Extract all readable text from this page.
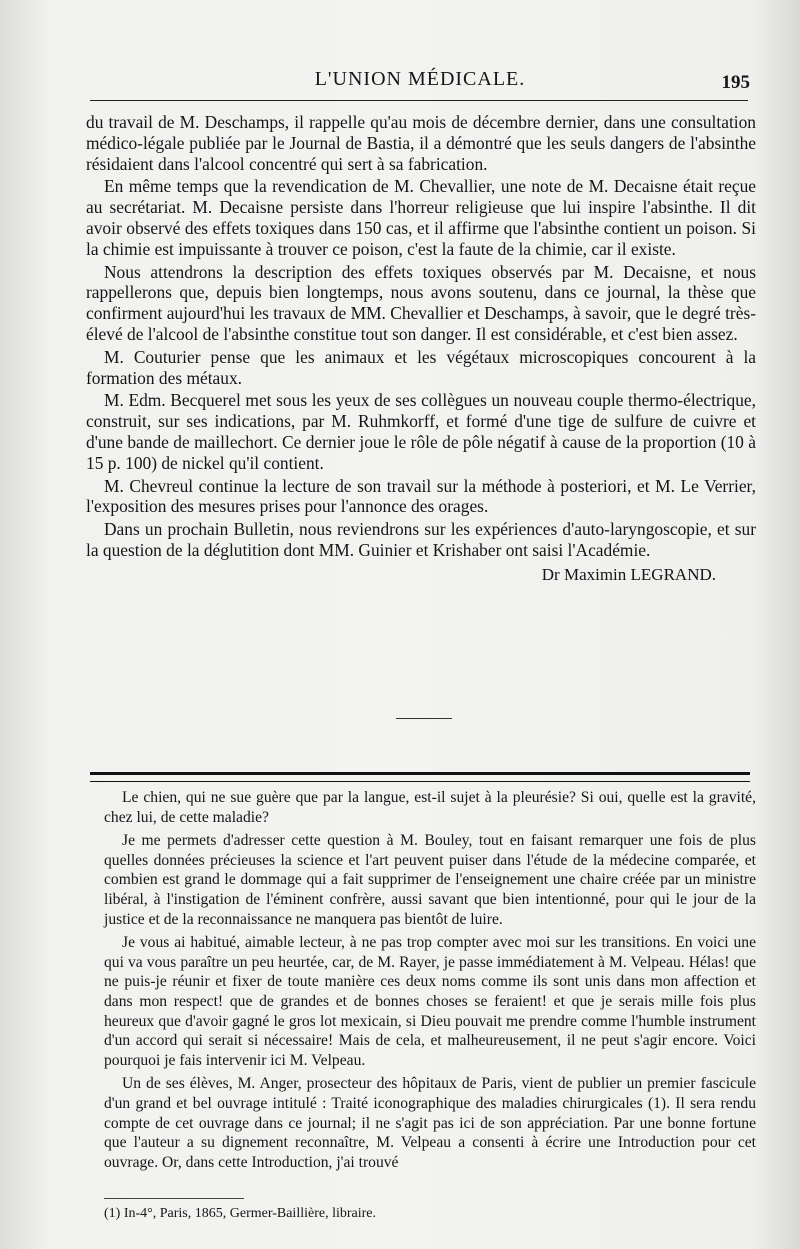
L'UNION MÉDICALE.	195

du travail de M. Deschamps, il rappelle qu'au mois de décembre dernier, dans une consultation médico-légale publiée par le Journal de Bastia, il a démontré que les seuls dangers de l'absinthe résidaient dans l'alcool concentré qui sert à sa fabrication.

En même temps que la revendication de M. Chevallier, une note de M. Decaisne était reçue au secrétariat. M. Decaisne persiste dans l'horreur religieuse que lui inspire l'absinthe. Il dit avoir observé des effets toxiques dans 150 cas, et il affirme que l'absinthe contient un poison. Si la chimie est impuissante à trouver ce poison, c'est la faute de la chimie, car il existe.

Nous attendrons la description des effets toxiques observés par M. Decaisne, et nous rappellerons que, depuis bien longtemps, nous avons soutenu, dans ce journal, la thèse que confirment aujourd'hui les travaux de MM. Chevallier et Deschamps, à savoir, que le degré très-élevé de l'alcool de l'absinthe constitue tout son danger. Il est considérable, et c'est bien assez.

M. Couturier pense que les animaux et les végétaux microscopiques concourent à la formation des métaux.

M. Edm. Becquerel met sous les yeux de ses collègues un nouveau couple thermo-électrique, construit, sur ses indications, par M. Ruhmkorff, et formé d'une tige de sulfure de cuivre et d'une bande de maillechort. Ce dernier joue le rôle de pôle négatif à cause de la proportion (10 à 15 p. 100) de nickel qu'il contient.

M. Chevreul continue la lecture de son travail sur la méthode à posteriori, et M. Le Verrier, l'exposition des mesures prises pour l'annonce des orages.

Dans un prochain Bulletin, nous reviendrons sur les expériences d'auto-laryngoscopie, et sur la question de la déglutition dont MM. Guinier et Krishaber ont saisi l'Académie.

Dr Maximin LEGRAND.

Le chien, qui ne sue guère que par la langue, est-il sujet à la pleurésie? Si oui, quelle est la gravité, chez lui, de cette maladie?

Je me permets d'adresser cette question à M. Bouley, tout en faisant remarquer une fois de plus quelles données précieuses la science et l'art peuvent puiser dans l'étude de la médecine comparée, et combien est grand le dommage qui a fait supprimer de l'enseignement une chaire créée par un ministre libéral, à l'instigation de l'éminent confrère, aussi savant que bien intentionné, pour qui le jour de la justice et de la reconnaissance ne manquera pas bientôt de luire.

Je vous ai habitué, aimable lecteur, à ne pas trop compter avec moi sur les transitions. En voici une qui va vous paraître un peu heurtée, car, de M. Rayer, je passe immédiatement à M. Velpeau. Hélas! que ne puis-je réunir et fixer de toute manière ces deux noms comme ils sont unis dans mon affection et dans mon respect! que de grandes et de bonnes choses se feraient! et que je serais mille fois plus heureux que d'avoir gagné le gros lot mexicain, si Dieu pouvait me prendre comme l'humble instrument d'un accord qui serait si nécessaire! Mais de cela, et malheureusement, il ne peut s'agir encore. Voici pourquoi je fais intervenir ici M. Velpeau.

Un de ses élèves, M. Anger, prosecteur des hôpitaux de Paris, vient de publier un premier fascicule d'un grand et bel ouvrage intitulé : Traité iconographique des maladies chirurgicales (1). Il sera rendu compte de cet ouvrage dans ce journal; il ne s'agit pas ici de son appréciation. Par une bonne fortune que l'auteur a su dignement reconnaître, M. Velpeau a consenti à écrire une Introduction pour cet ouvrage. Or, dans cette Introduction, j'ai trouvé

(1) In-4°, Paris, 1865, Germer-Baillière, libraire.
